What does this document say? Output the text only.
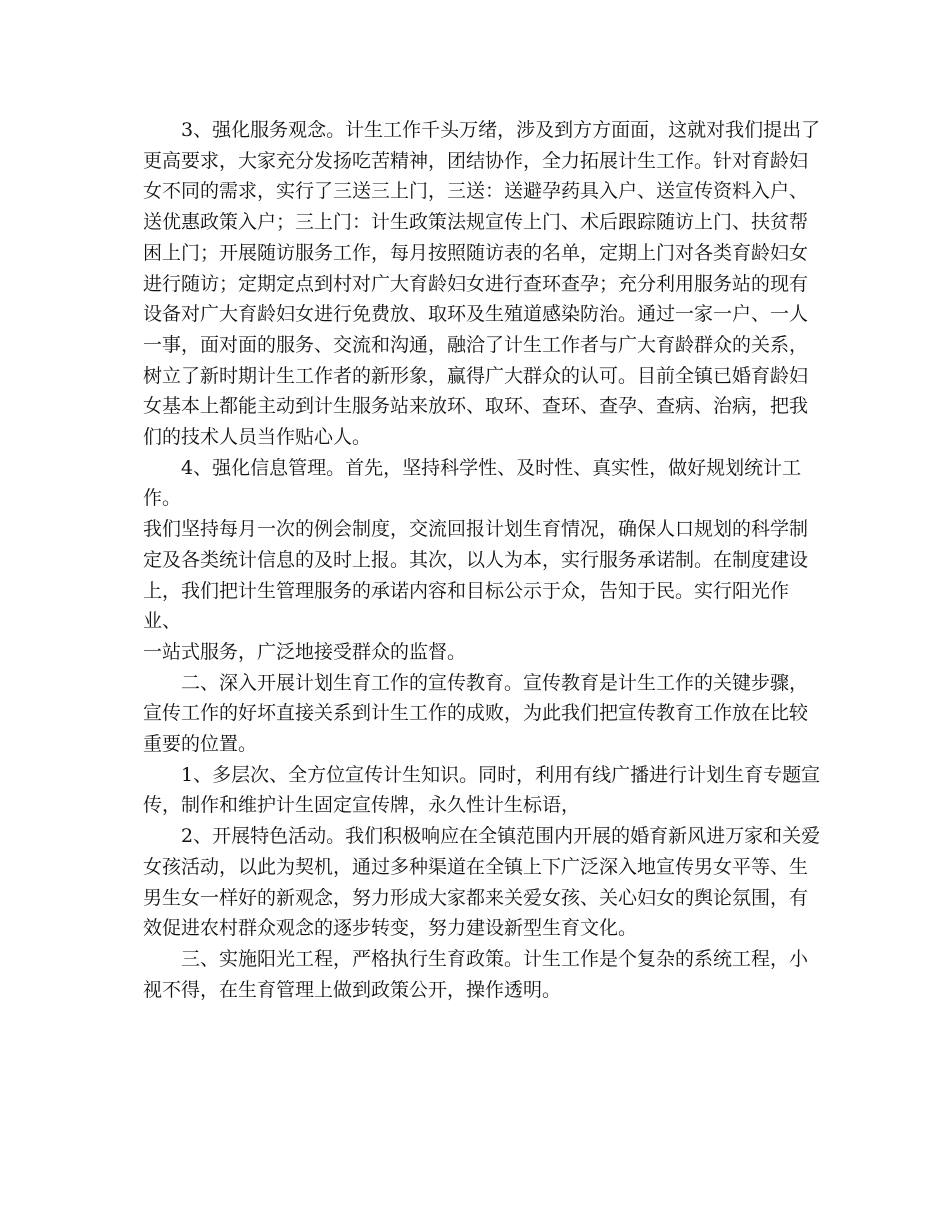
　　3、强化服务观念。计生工作千头万绪，涉及到方方面面，这就对我们提出了
更高要求，大家充分发扬吃苦精神，团结协作，全力拓展计生工作。针对育龄妇
女不同的需求，实行了三送三上门，三送：送避孕药具入户、送宣传资料入户、
送优惠政策入户；三上门：计生政策法规宣传上门、术后跟踪随访上门、扶贫帮
困上门；开展随访服务工作，每月按照随访表的名单，定期上门对各类育龄妇女
进行随访；定期定点到村对广大育龄妇女进行查环查孕；充分利用服务站的现有
设备对广大育龄妇女进行免费放、取环及生殖道感染防治。通过一家一户、一人
一事，面对面的服务、交流和沟通，融洽了计生工作者与广大育龄群众的关系，
树立了新时期计生工作者的新形象，赢得广大群众的认可。目前全镇已婚育龄妇
女基本上都能主动到计生服务站来放环、取环、查环、查孕、查病、治病，把我
们的技术人员当作贴心人。

　　4、强化信息管理。首先，坚持科学性、及时性、真实性，做好规划统计工作。
我们坚持每月一次的例会制度，交流回报计划生育情况，确保人口规划的科学制
定及各类统计信息的及时上报。其次，以人为本，实行服务承诺制。在制度建设
上，我们把计生管理服务的承诺内容和目标公示于众，告知于民。实行阳光作业、
一站式服务，广泛地接受群众的监督。

　　二、深入开展计划生育工作的宣传教育。宣传教育是计生工作的关键步骤，
宣传工作的好坏直接关系到计生工作的成败，为此我们把宣传教育工作放在比较
重要的位置。

　　1、多层次、全方位宣传计生知识。同时，利用有线广播进行计划生育专题宣
传，制作和维护计生固定宣传牌，永久性计生标语，

　　2、开展特色活动。我们积极响应在全镇范围内开展的婚育新风进万家和关爱
女孩活动，以此为契机，通过多种渠道在全镇上下广泛深入地宣传男女平等、生
男生女一样好的新观念，努力形成大家都来关爱女孩、关心妇女的舆论氛围，有
效促进农村群众观念的逐步转变，努力建设新型生育文化。

　　三、实施阳光工程，严格执行生育政策。计生工作是个复杂的系统工程，小
视不得，在生育管理上做到政策公开，操作透明。
